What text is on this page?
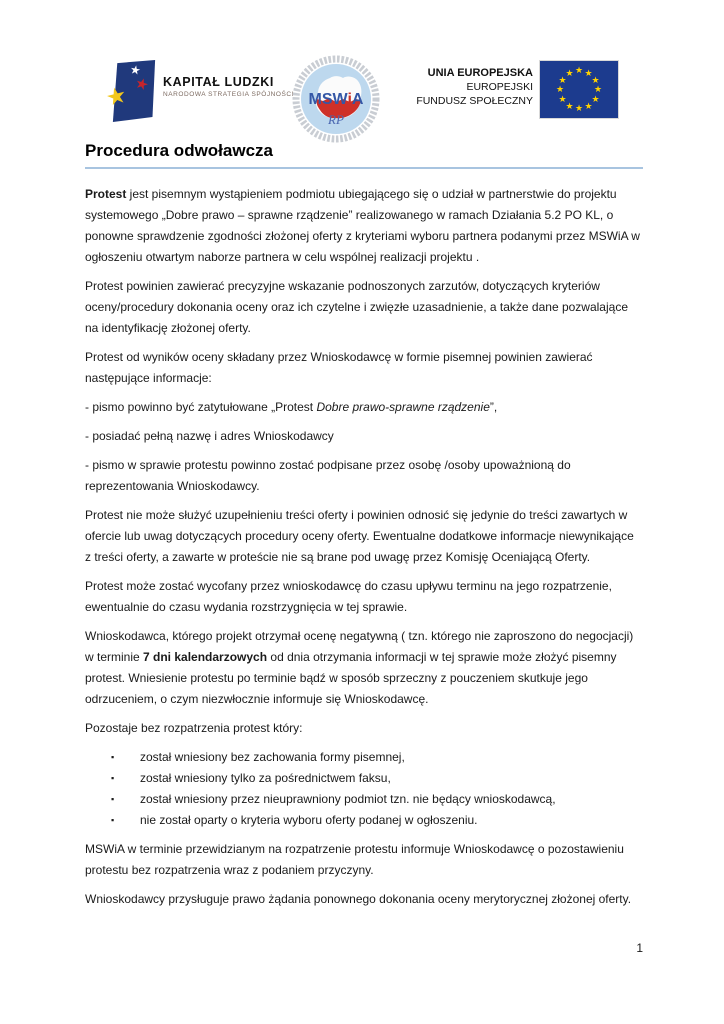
★
★
★	KAPITAŁ LUDZKI
NARODOWA STRATEGIA SPÓJNOŚCI MSWiA
RP
UNIA EUROPEJSKA
EUROPEJSKI
FUNDUSZ SPOŁECZNY
★ ★
★
★
★
★
★
★
★
★
★
★
Procedura odwoławcza

Protest jest pisemnym wystąpieniem podmiotu ubiegającego się o udział w partnerstwie do projektu systemowego „Dobre prawo – sprawne rządzenie” realizowanego w ramach Działania 5.2 PO KL, o ponowne sprawdzenie zgodności złożonej oferty z kryteriami wyboru partnera podanymi przez MSWiA w ogłoszeniu otwartym naborze partnera w celu wspólnej realizacji projektu .

Protest powinien zawierać precyzyjne wskazanie podnoszonych zarzutów, dotyczących kryteriów oceny/procedury dokonania oceny oraz ich czytelne i zwięzłe uzasadnienie, a także dane pozwalające na identyfikację złożonej oferty.

Protest od wyników oceny składany przez Wnioskodawcę w formie pisemnej powinien zawierać następujące informacje:

- pismo powinno być zatytułowane „Protest Dobre prawo-sprawne rządzenie”,

- posiadać pełną nazwę i adres Wnioskodawcy

- pismo w sprawie protestu powinno zostać podpisane przez osobę /osoby upoważnioną do reprezentowania Wnioskodawcy.

Protest nie może służyć uzupełnieniu treści oferty i powinien odnosić się jedynie do treści zawartych w ofercie lub uwag dotyczących procedury oceny oferty. Ewentualne dodatkowe informacje niewynikające z treści oferty, a zawarte w proteście nie są brane pod uwagę przez Komisję Oceniającą Oferty.

Protest może zostać wycofany przez wnioskodawcę do czasu upływu terminu na jego rozpatrzenie, ewentualnie do czasu wydania rozstrzygnięcia w tej sprawie.

Wnioskodawca, którego projekt otrzymał ocenę negatywną ( tzn. którego nie zaproszono do negocjacji) w terminie 7 dni kalendarzowych od dnia otrzymania informacji w tej sprawie może złożyć pisemny protest. Wniesienie protestu po terminie bądź w sposób sprzeczny z pouczeniem skutkuje jego odrzuceniem, o czym niezwłocznie informuje się Wnioskodawcę.

Pozostaje bez rozpatrzenia protest który:

▪ został wniesiony bez zachowania formy pisemnej,
▪ został wniesiony tylko za pośrednictwem faksu,
▪ został wniesiony przez nieuprawniony podmiot tzn. nie będący wnioskodawcą,
▪ nie został oparty o kryteria wyboru oferty podanej w ogłoszeniu.

MSWiA w terminie przewidzianym na rozpatrzenie protestu informuje Wnioskodawcę o pozostawieniu protestu bez rozpatrzenia wraz z podaniem przyczyny.

Wnioskodawcy przysługuje prawo żądania ponownego dokonania oceny merytorycznej złożonej oferty.

1
